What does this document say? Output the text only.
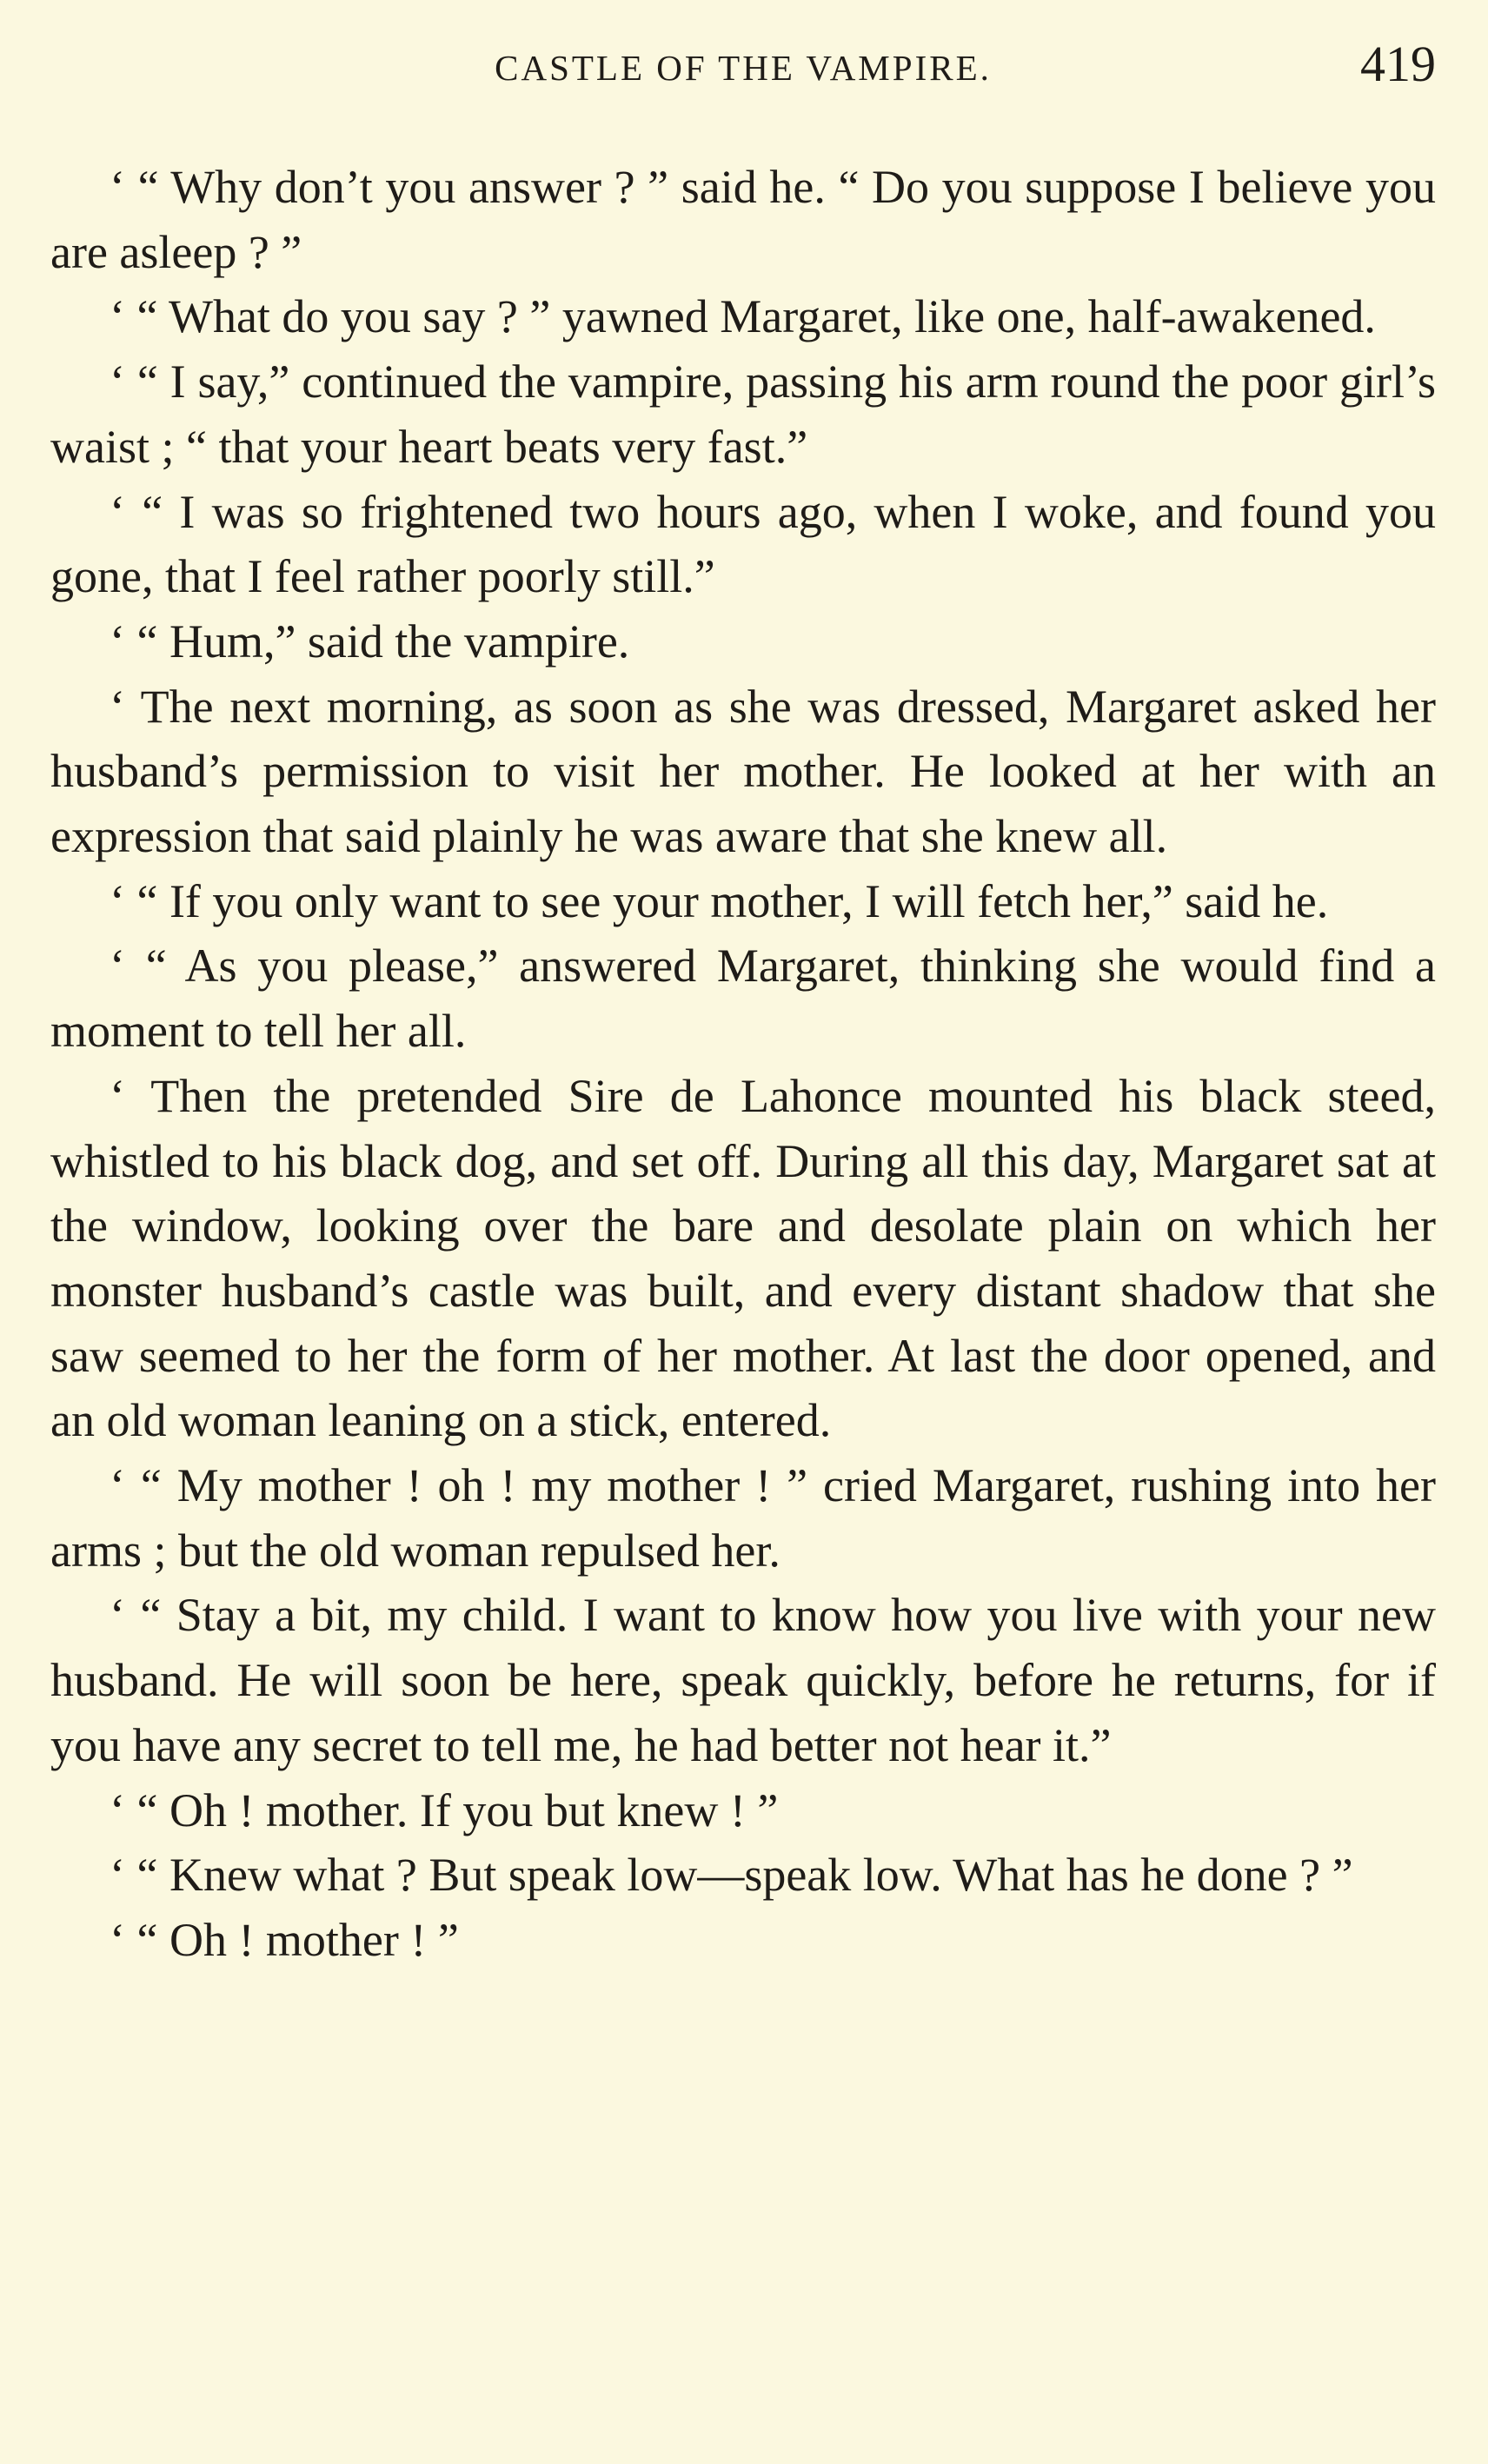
CASTLE OF THE VAMPIRE.	419

‘ “ Why don’t you answer ? ” said he. “ Do you suppose I believe you are asleep ? ”

‘ “ What do you say ? ” yawned Margaret, like one, half-awakened.

‘ “ I say,” continued the vampire, passing his arm round the poor girl’s waist ; “ that your heart beats very fast.”

‘ “ I was so frightened two hours ago, when I woke, and found you gone, that I feel rather poorly still.”

‘ “ Hum,” said the vampire.

‘ The next morning, as soon as she was dressed, Margaret asked her husband’s permission to visit her mother. He looked at her with an expression that said plainly he was aware that she knew all.

‘ “ If you only want to see your mother, I will fetch her,” said he.

‘ “ As you please,” answered Margaret, thinking she would find a moment to tell her all.

‘ Then the pretended Sire de Lahonce mounted his black steed, whistled to his black dog, and set off. During all this day, Margaret sat at the window, looking over the bare and desolate plain on which her monster husband’s castle was built, and every distant shadow that she saw seemed to her the form of her mother. At last the door opened, and an old woman leaning on a stick, entered.

‘ “ My mother ! oh ! my mother ! ” cried Margaret, rushing into her arms ; but the old woman repulsed her.

‘ “ Stay a bit, my child. I want to know how you live with your new husband. He will soon be here, speak quickly, before he returns, for if you have any secret to tell me, he had better not hear it.”

‘ “ Oh ! mother. If you but knew ! ”

‘ “ Knew what ? But speak low—speak low. What has he done ? ”

‘ “ Oh ! mother ! ”
